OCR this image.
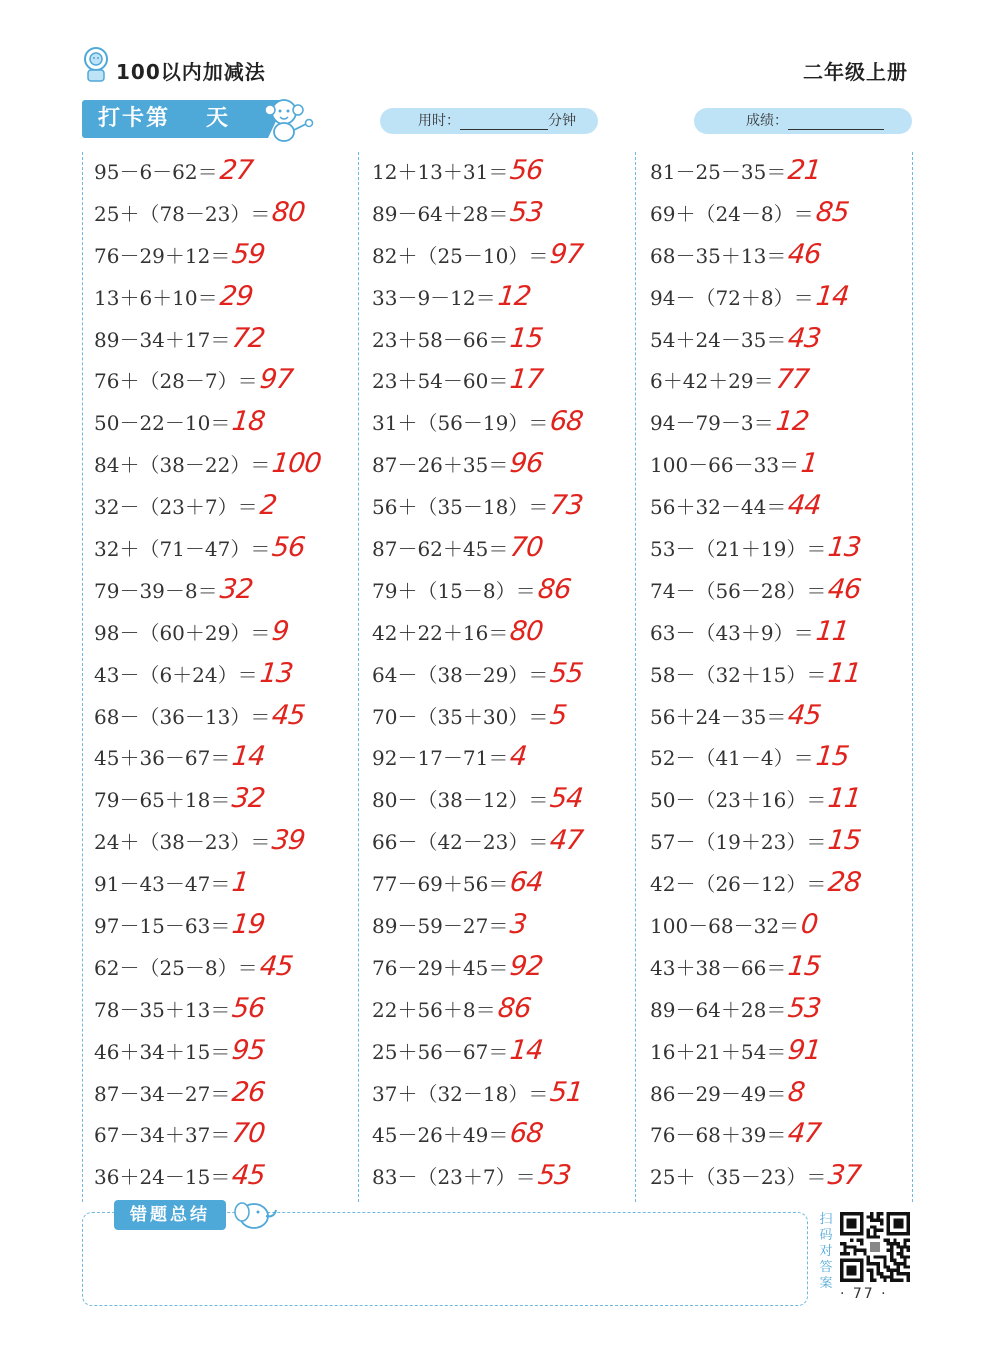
100以内加减法	二年级上册
打卡第 天	用时：	分钟	成绩：
95－6－62＝27
25＋（78－23）＝80
76－29＋12＝59
13＋6＋10＝29
89－34＋17＝72
76＋（28－7）＝97
50－22－10＝18
84＋（38－22）＝100
32－（23＋7）＝2
32＋（71－47）＝56
79－39－8＝32
98－（60＋29）＝9
43－（6＋24）＝13
68－（36－13）＝45
45＋36－67＝14
79－65＋18＝32
24＋（38－23）＝39
91－43－47＝1
97－15－63＝19
62－（25－8）＝45
78－35＋13＝56
46＋34＋15＝95
87－34－27＝26
67－34＋37＝70
36＋24－15＝45
12＋13＋31＝56
89－64＋28＝53
82＋（25－10）＝97
33－9－12＝12
23＋58－66＝15
23＋54－60＝17
31＋（56－19）＝68
87－26＋35＝96
56＋（35－18）＝73
87－62＋45＝70
79＋（15－8）＝86
42＋22＋16＝80
64－（38－29）＝55
70－（35＋30）＝5
92－17－71＝4
80－（38－12）＝54
66－（42－23）＝47
77－69＋56＝64
89－59－27＝3
76－29＋45＝92
22＋56＋8＝86
25＋56－67＝14
37＋（32－18）＝51
45－26＋49＝68
83－（23＋7）＝53
81－25－35＝21
69＋（24－8）＝85
68－35＋13＝46
94－（72＋8）＝14
54＋24－35＝43
6＋42＋29＝77
94－79－3＝12
100－66－33＝1
56＋32－44＝44
53－（21＋19）＝13
74－（56－28）＝46
63－（43＋9）＝11
58－（32＋15）＝11
56＋24－35＝45
52－（41－4）＝15
50－（23＋16）＝11
57－（19＋23）＝15
42－（26－12）＝28
100－68－32＝0
43＋38－66＝15
89－64＋28＝53
16＋21＋54＝91
86－29－49＝8
76－68＋39＝47
25＋（35－23）＝37
错题总结	扫码对答案
· 77 ·
